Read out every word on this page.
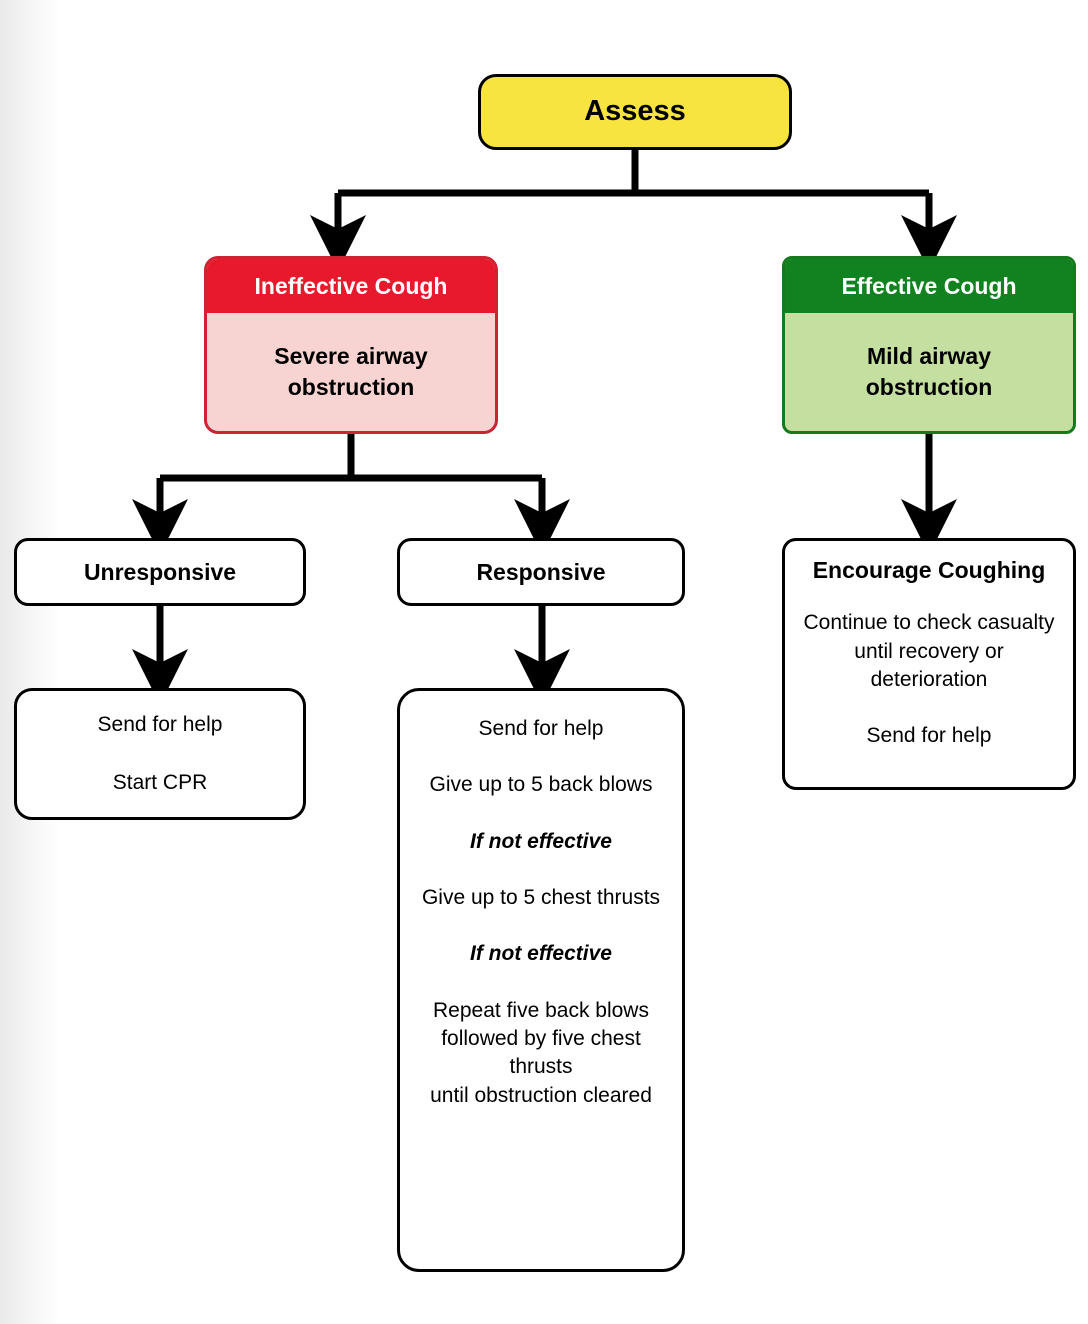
Assess
Ineffective Cough
Severe airway obstruction
Effective Cough
Mild airway obstruction
Unresponsive	Responsive	Encourage Coughing

Continue to check casualty until recovery or deterioration

Send for help

Send for help

Start CPR

Send for help

Give up to 5 back blows

If not effective

Give up to 5 chest thrusts

If not effective

Repeat five back blows followed by five chest thrusts

until obstruction cleared
